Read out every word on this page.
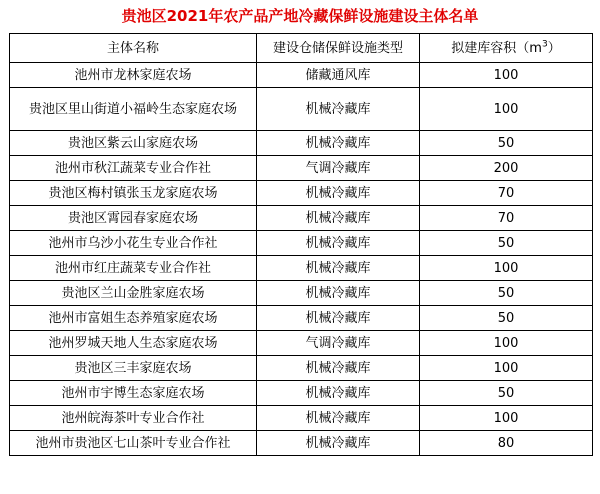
贵池区2021年农产品产地冷藏保鲜设施建设主体名单
主体名称	建设仓储保鲜设施类型	拟建库容积$(m^3)$
池州市龙林家庭农场	储藏通风库	100
贵池区里山街道小福岭生态家庭农场	机械冷藏库	100
贵池区紫云山家庭农场	机械冷藏库	50
池州市秋江蔬菜专业合作社	气调冷藏库	200
贵池区梅村镇张玉龙家庭农场	机械冷藏库	70
贵池区霄园春家庭农场	机械冷藏库	70
池州市乌沙小花生专业合作社	机械冷藏库	50
池州市红庄蔬菜专业合作社	机械冷藏库	100
贵池区兰山金胜家庭农场	机械冷藏库	50
池州市富姐生态养殖家庭农场	机械冷藏库	50
池州罗城天地人生态家庭农场	气调冷藏库	100
贵池区三丰家庭农场	机械冷藏库	100
池州市宇博生态家庭农场	机械冷藏库	50
池州皖海茶叶专业合作社	机械冷藏库	100
池州市贵池区七山茶叶专业合作社	机械冷藏库	80
